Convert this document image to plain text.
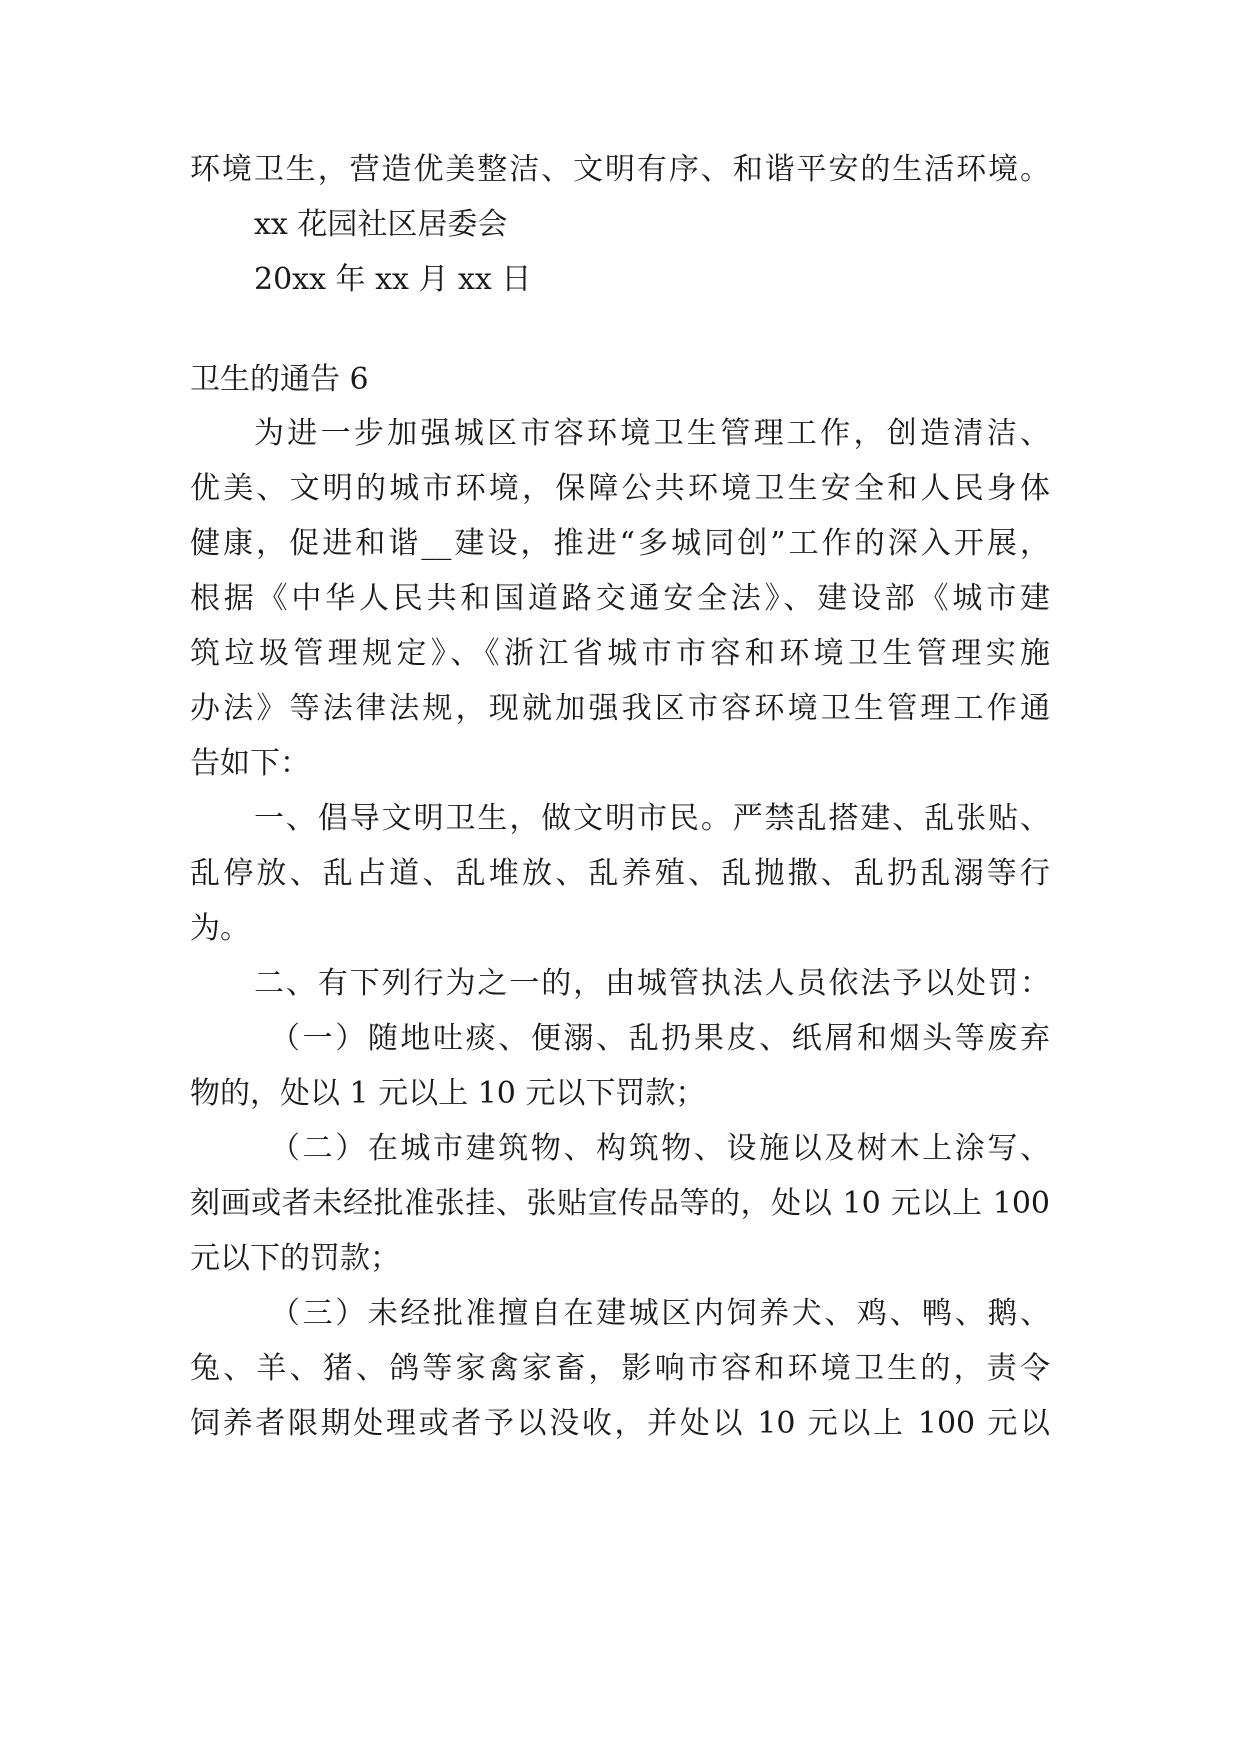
环境卫生，营造优美整洁、文明有序、和谐平安的生活环境。
xx 花园社区居委会
20xx 年 xx 月 xx 日
卫生的通告 6
为进一步加强城区市容环境卫生管理工作，创造清洁、
优美、文明的城市环境，保障公共环境卫生安全和人民身体
健康，促进和谐__建设，推进“多城同创”工作的深入开展，
根据《中华人民共和国道路交通安全法》、建设部《城市建
筑垃圾管理规定》、《浙江省城市市容和环境卫生管理实施
办法》等法律法规，现就加强我区市容环境卫生管理工作通
告如下：
一、倡导文明卫生，做文明市民。严禁乱搭建、乱张贴、
乱停放、乱占道、乱堆放、乱养殖、乱抛撒、乱扔乱溺等行
为。
二、有下列行为之一的，由城管执法人员依法予以处罚：
（一）随地吐痰、便溺、乱扔果皮、纸屑和烟头等废弃
物的，处以 1 元以上 10 元以下罚款；
（二）在城市建筑物、构筑物、设施以及树木上涂写、
刻画或者未经批准张挂、张贴宣传品等的，处以 10 元以上 100
元以下的罚款；
（三）未经批准擅自在建城区内饲养犬、鸡、鸭、鹅、
兔、羊、猪、鸽等家禽家畜，影响市容和环境卫生的，责令
饲养者限期处理或者予以没收，并处以 10 元以上 100 元以
